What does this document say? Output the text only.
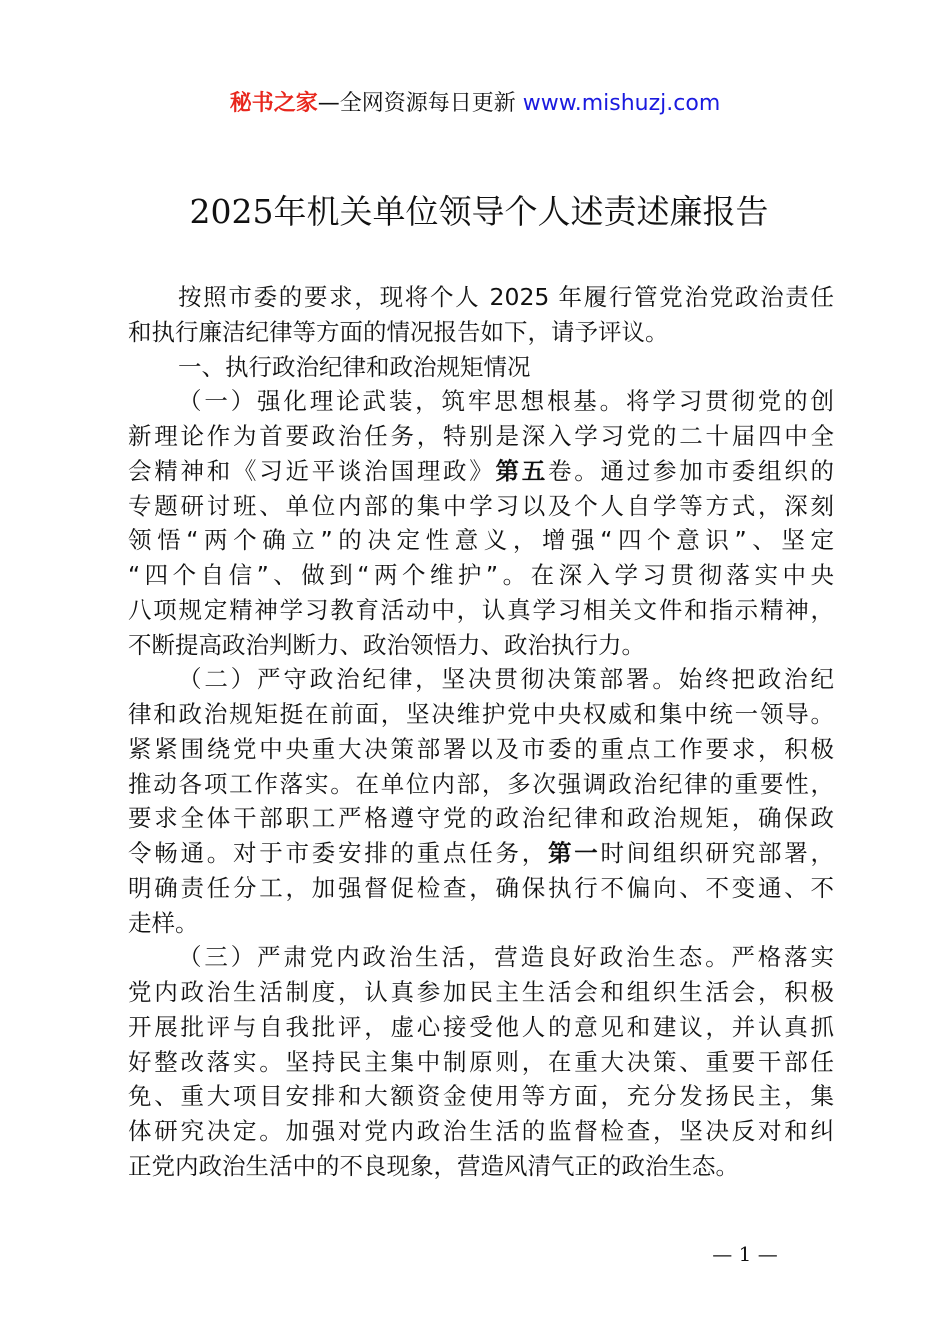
秘书之家—全网资源每日更新 www.mishuzj.com
2025年机关单位领导个人述责述廉报告
按照市委的要求，现将个人 2025 年履行管党治党政治责任
和执行廉洁纪律等方面的情况报告如下，请予评议。
一、执行政治纪律和政治规矩情况
（一）强化理论武装，筑牢思想根基。将学习贯彻党的创
新理论作为首要政治任务，特别是深入学习党的二十届四中全
会精神和《习近平谈治国理政》第五卷。通过参加市委组织的
专题研讨班、单位内部的集中学习以及个人自学等方式，深刻
领悟“两个确立”的决定性意义，增强“四个意识”、坚定
“四个自信”、做到“两个维护”。在深入学习贯彻落实中央
八项规定精神学习教育活动中，认真学习相关文件和指示精神，
不断提高政治判断力、政治领悟力、政治执行力。
（二）严守政治纪律，坚决贯彻决策部署。始终把政治纪
律和政治规矩挺在前面，坚决维护党中央权威和集中统一领导。
紧紧围绕党中央重大决策部署以及市委的重点工作要求，积极
推动各项工作落实。在单位内部，多次强调政治纪律的重要性，
要求全体干部职工严格遵守党的政治纪律和政治规矩，确保政
令畅通。对于市委安排的重点任务，第一时间组织研究部署，
明确责任分工，加强督促检查，确保执行不偏向、不变通、不
走样。
（三）严肃党内政治生活，营造良好政治生态。严格落实
党内政治生活制度，认真参加民主生活会和组织生活会，积极
开展批评与自我批评，虚心接受他人的意见和建议，并认真抓
好整改落实。坚持民主集中制原则，在重大决策、重要干部任
免、重大项目安排和大额资金使用等方面，充分发扬民主，集
体研究决定。加强对党内政治生活的监督检查，坚决反对和纠
正党内政治生活中的不良现象，营造风清气正的政治生态。
— 1 —
